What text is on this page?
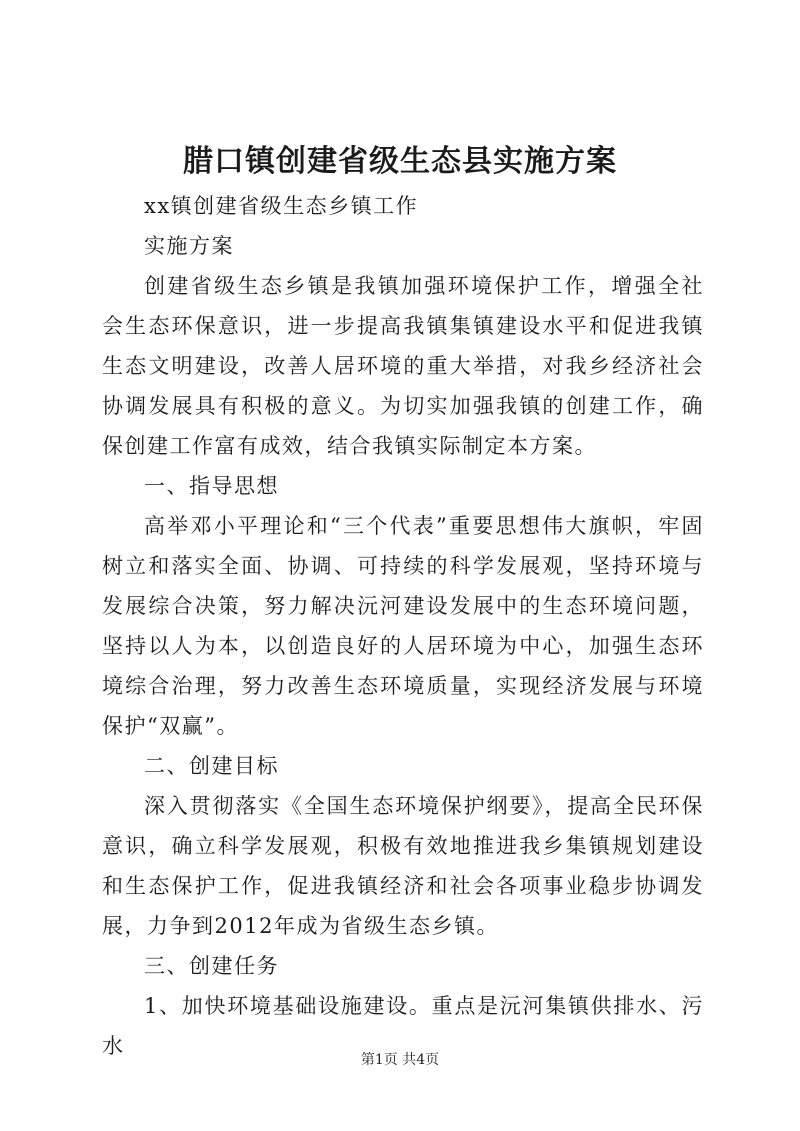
腊口镇创建省级生态县实施方案

xx镇创建省级生态乡镇工作

实施方案

创建省级生态乡镇是我镇加强环境保护工作，增强全社会生态环保意识，进一步提高我镇集镇建设水平和促进我镇生态文明建设，改善人居环境的重大举措，对我乡经济社会协调发展具有积极的意义。为切实加强我镇的创建工作，确保创建工作富有成效，结合我镇实际制定本方案。

一、指导思想

高举邓小平理论和“三个代表”重要思想伟大旗帜，牢固树立和落实全面、协调、可持续的科学发展观，坚持环境与发展综合决策，努力解决沅河建设发展中的生态环境问题，坚持以人为本，以创造良好的人居环境为中心，加强生态环境综合治理，努力改善生态环境质量，实现经济发展与环境保护“双赢”。

二、创建目标

深入贯彻落实《全国生态环境保护纲要》，提高全民环保意识，确立科学发展观，积极有效地推进我乡集镇规划建设和生态保护工作，促进我镇经济和社会各项事业稳步协调发展，力争到2012年成为省级生态乡镇。

三、创建任务

1、加快环境基础设施建设。重点是沅河集镇供排水、污水

第1页 共4页
